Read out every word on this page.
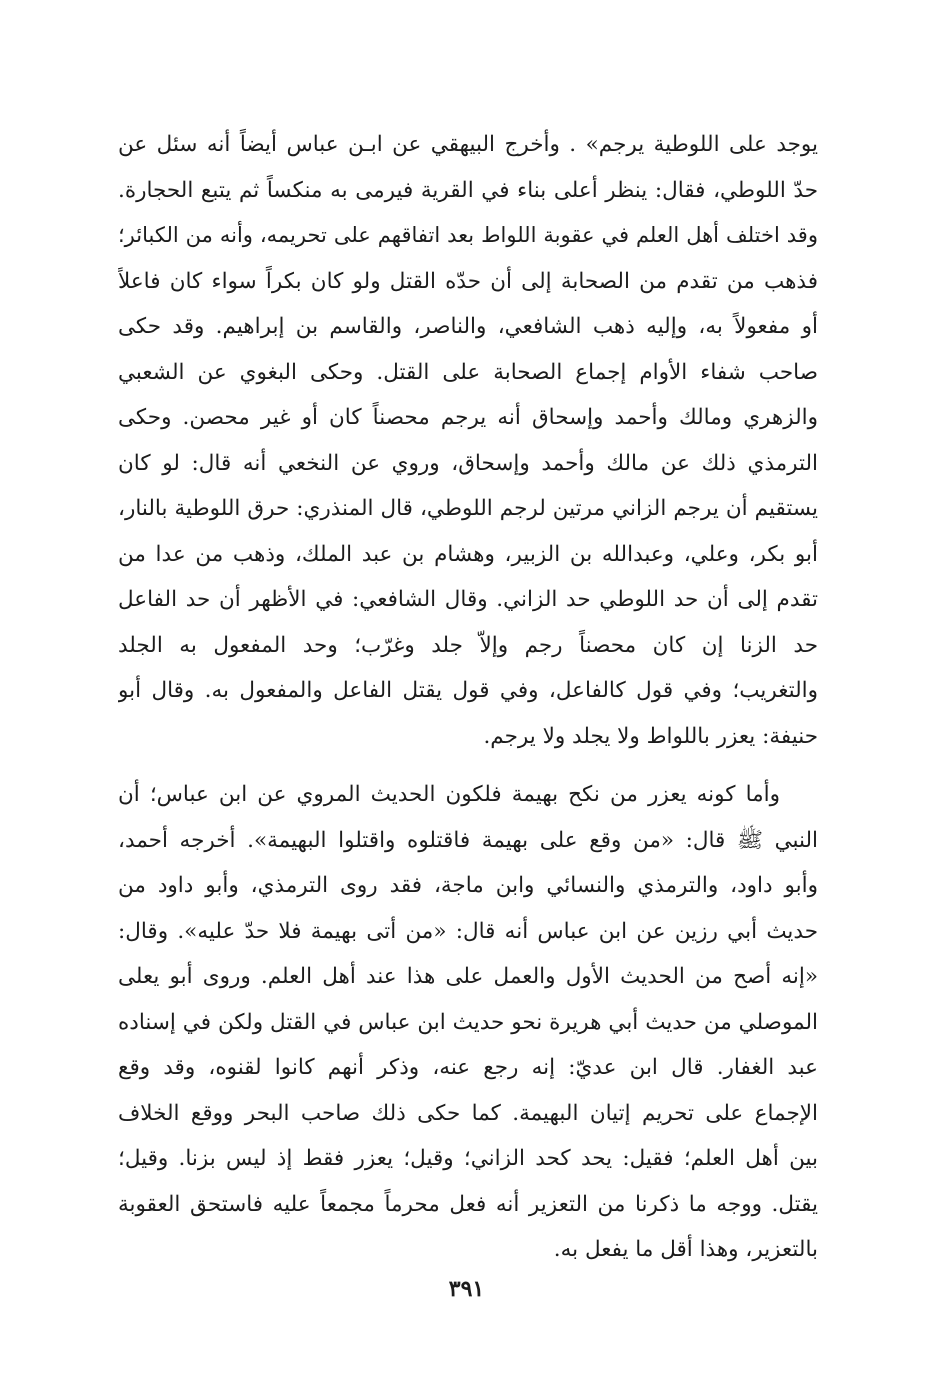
يوجد على اللوطية يرجم» . وأخرج البيهقي عن ابـن عباس أيضاً أنه سئل عن
حدّ اللوطي، فقال: ينظر أعلى بناء في القرية فيرمى به منكساً ثم يتبع الحجارة.
وقد اختلف أهل العلم في عقوبة اللواط بعد اتفاقهم على تحريمه، وأنه من الكبائر؛
فذهب من تقدم من الصحابة إلى أن حدّه القتل ولو كان بكراً سواء كان فاعلاً
أو مفعولاً به، وإليه ذهب الشافعي، والناصر، والقاسم بن إبراهيم. وقد حكى
صاحب شفاء الأوام إجماع الصحابة على القتل. وحكى البغوي عن الشعبي
والزهري ومالك وأحمد وإسحاق أنه يرجم محصناً كان أو غير محصن. وحكى
الترمذي ذلك عن مالك وأحمد وإسحاق، وروي عن النخعي أنه قال: لو كان
يستقيم أن يرجم الزاني مرتين لرجم اللوطي، قال المنذري: حرق اللوطية بالنار،
أبو بكر، وعلي، وعبدالله بن الزبير، وهشام بن عبد الملك، وذهب من عدا من
تقدم إلى أن حد اللوطي حد الزاني. وقال الشافعي: في الأظهر أن حد الفاعل
حد الزنا إن كان محصناً رجم وإلاّ جلد وغرّب؛ وحد المفعول به الجلد
والتغريب؛ وفي قول كالفاعل، وفي قول يقتل الفاعل والمفعول به. وقال أبو
حنيفة: يعزر باللواط ولا يجلد ولا يرجم.
وأما كونه يعزر من نكح بهيمة فلكون الحديث المروي عن ابن عباس؛ أن
النبي ﷺ قال: «من وقع على بهيمة فاقتلوه واقتلوا البهيمة». أخرجه أحمد،
وأبو داود، والترمذي والنسائي وابن ماجة، فقد روى الترمذي، وأبو داود من
حديث أبي رزين عن ابن عباس أنه قال: «من أتى بهيمة فلا حدّ عليه». وقال:
«إنه أصح من الحديث الأول والعمل على هذا عند أهل العلم. وروى أبو يعلى
الموصلي من حديث أبي هريرة نحو حديث ابن عباس في القتل ولكن في إسناده
عبد الغفار. قال ابن عديّ: إنه رجع عنه، وذكر أنهم كانوا لقنوه، وقد وقع
الإجماع على تحريم إتيان البهيمة. كما حكى ذلك صاحب البحر ووقع الخلاف
بين أهل العلم؛ فقيل: يحد كحد الزاني؛ وقيل؛ يعزر فقط إذ ليس بزنا. وقيل؛
يقتل. ووجه ما ذكرنا من التعزير أنه فعل محرماً مجمعاً عليه فاستحق العقوبة
بالتعزير، وهذا أقل ما يفعل به.
٣٩١
